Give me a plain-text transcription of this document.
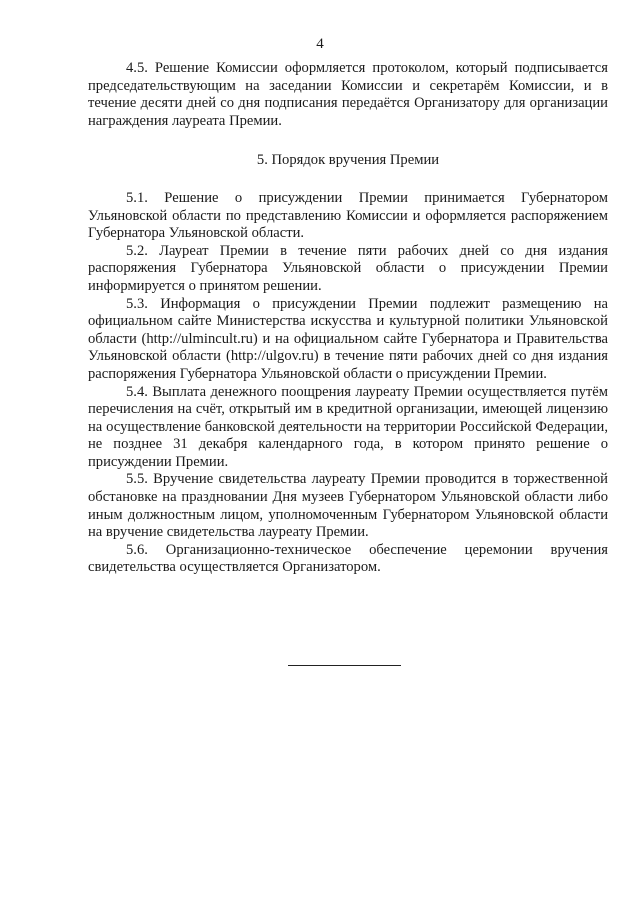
4

4.5. Решение Комиссии оформляется протоколом, который подписывается председательствующим на заседании Комиссии и секретарём Комиссии, и в течение десяти дней со дня подписания передаётся Организатору для организации награждения лауреата Премии.

5. Порядок вручения Премии

5.1. Решение о присуждении Премии принимается Губернатором Ульяновской области по представлению Комиссии и оформляется распоряжением Губернатора Ульяновской области.

5.2. Лауреат Премии в течение пяти рабочих дней со дня издания распоряжения Губернатора Ульяновской области о присуждении Премии информируется о принятом решении.

5.3. Информация о присуждении Премии подлежит размещению на официальном сайте Министерства искусства и культурной политики Ульяновской области (http://ulmincult.ru) и на официальном сайте Губернатора и Правительства Ульяновской области (http://ulgov.ru) в течение пяти рабочих дней со дня издания распоряжения Губернатора Ульяновской области о присуждении Премии.

5.4. Выплата денежного поощрения лауреату Премии осуществляется путём перечисления на счёт, открытый им в кредитной организации, имеющей лицензию на осуществление банковской деятельности на территории Российской Федерации, не позднее 31 декабря календарного года, в котором принято решение о присуждении Премии.

5.5. Вручение свидетельства лауреату Премии проводится в торжественной обстановке на праздновании Дня музеев Губернатором Ульяновской области либо иным должностным лицом, уполномоченным Губернатором Ульяновской области на вручение свидетельства лауреату Премии.

5.6. Организационно-техническое обеспечение церемонии вручения свидетельства осуществляется Организатором.
